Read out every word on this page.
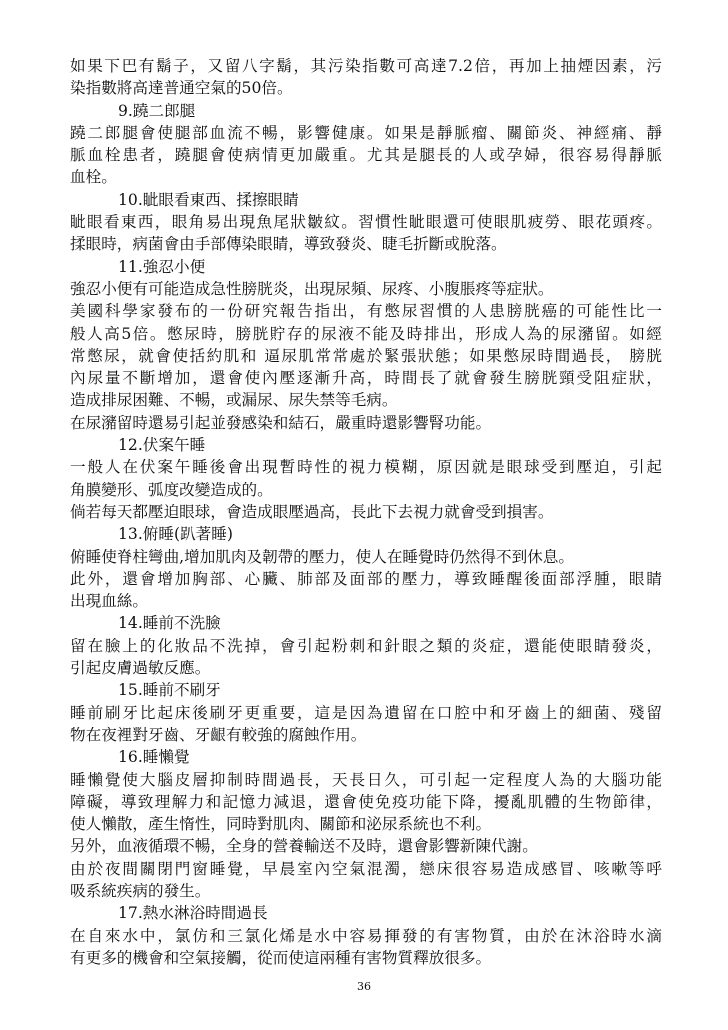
如果下巴有鬍子，又留八字鬍，其污染指數可高達7.2倍，再加上抽煙因素，污
染指數將高達普通空氣的50倍。
9.蹺二郎腿
蹺二郎腿會使腿部血流不暢，影響健康。如果是靜脈瘤、關節炎、神經痛、靜
脈血栓患者，蹺腿會使病情更加嚴重。尤其是腿長的人或孕婦，很容易得靜脈
血栓。
10.眦眼看東西、揉擦眼睛
眦眼看東西，眼角易出現魚尾狀皺紋。習慣性眦眼還可使眼肌疲勞、眼花頭疼。
揉眼時，病菌會由手部傳染眼睛，導致發炎、睫毛折斷或脫落。
11.強忍小便
強忍小便有可能造成急性膀胱炎，出現尿頻、尿疼、小腹脹疼等症狀。
美國科學家發布的一份研究報告指出，有憋尿習慣的人患膀胱癌的可能性比一
般人高5倍。憋尿時，膀胱貯存的尿液不能及時排出，形成人為的尿瀦留。如經
常憋尿，就會使括約肌和 逼尿肌常常處於緊張狀態；如果憋尿時間過長， 膀胱
內尿量不斷增加，還會使內壓逐漸升高，時間長了就會發生膀胱頸受阻症狀，
造成排尿困難、不暢，或漏尿、尿失禁等毛病。
在尿瀦留時還易引起並發感染和結石，嚴重時還影響腎功能。
12.伏案午睡
一般人在伏案午睡後會出現暫時性的視力模糊，原因就是眼球受到壓迫，引起
角膜變形、弧度改變造成的。
倘若每天都壓迫眼球，會造成眼壓過高，長此下去視力就會受到損害。
13.俯睡(趴著睡)
俯睡使脊柱彎曲,增加肌肉及韌帶的壓力，使人在睡覺時仍然得不到休息。
此外，還會增加胸部、心臟、肺部及面部的壓力，導致睡醒後面部浮腫，眼睛
出現血絲。
14.睡前不洗臉
留在臉上的化妝品不洗掉，會引起粉刺和針眼之類的炎症，還能使眼睛發炎，
引起皮膚過敏反應。
15.睡前不刷牙
睡前刷牙比起床後刷牙更重要，這是因為遺留在口腔中和牙齒上的細菌、殘留
物在夜裡對牙齒、牙齦有較強的腐蝕作用。
16.睡懶覺
睡懶覺使大腦皮層抑制時間過長，天長日久，可引起一定程度人為的大腦功能
障礙，導致理解力和記憶力減退，還會使免疫功能下降，擾亂肌體的生物節律，
使人懶散，產生惰性，同時對肌肉、關節和泌尿系統也不利。
另外，血液循環不暢，全身的營養輸送不及時，還會影響新陳代謝。
由於夜間關閉門窗睡覺，早晨室內空氣混濁，戀床很容易造成感冒、咳嗽等呼
吸系統疾病的發生。
17.熱水淋浴時間過長
在自來水中，氯仿和三氯化烯是水中容易揮發的有害物質，由於在沐浴時水滴
有更多的機會和空氣接觸，從而使這兩種有害物質釋放很多。
36
